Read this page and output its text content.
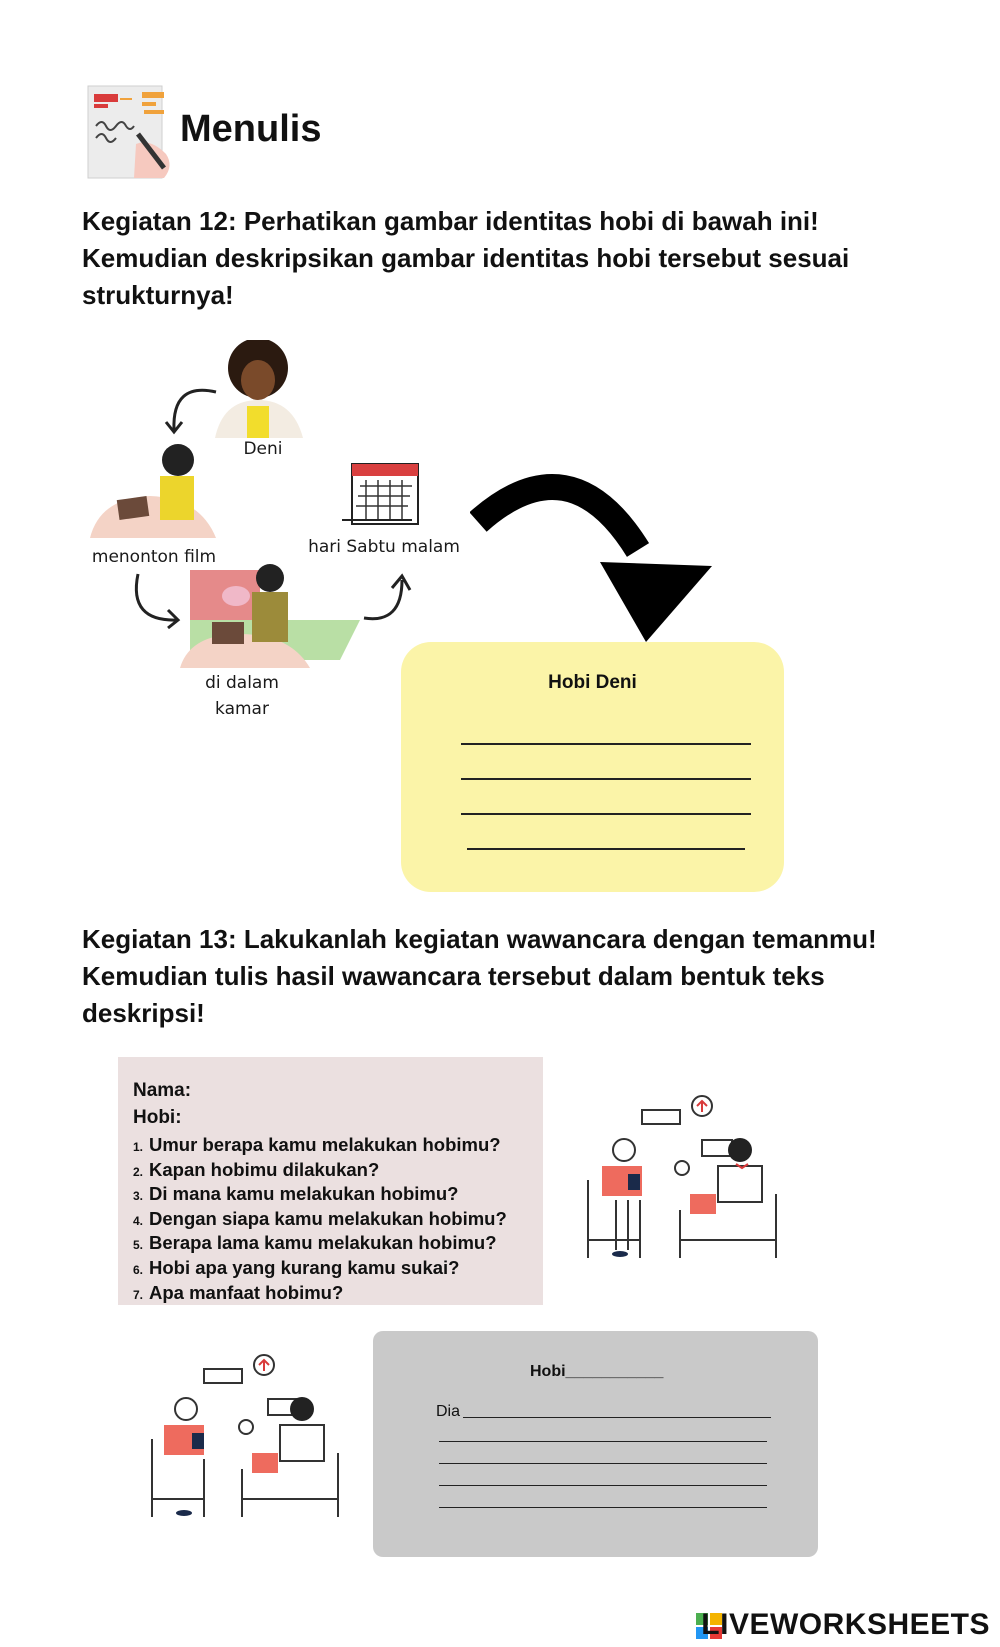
Menulis

Kegiatan 12: Perhatikan gambar identitas hobi di bawah ini!

Kemudian deskripsikan gambar identitas hobi tersebut sesuai

strukturnya!

Deni
menonton film	hari Sabtu malam
di dalam
kamar
Hobi Deni

Kegiatan 13: Lakukanlah kegiatan wawancara dengan temanmu!

Kemudian tulis hasil wawancara tersebut dalam bentuk teks

deskripsi!

Nama:
Hobi:
1. Umur berapa kamu melakukan hobimu?
2. Kapan hobimu dilakukan?
3. Di mana kamu melakukan hobimu?
4. Dengan siapa kamu melakukan hobimu?
5. Berapa lama kamu melakukan hobimu?
6. Hobi apa yang kurang kamu sukai?
7. Apa manfaat hobimu?
Hobi___________
Dia
LIVEWORKSHEETS
